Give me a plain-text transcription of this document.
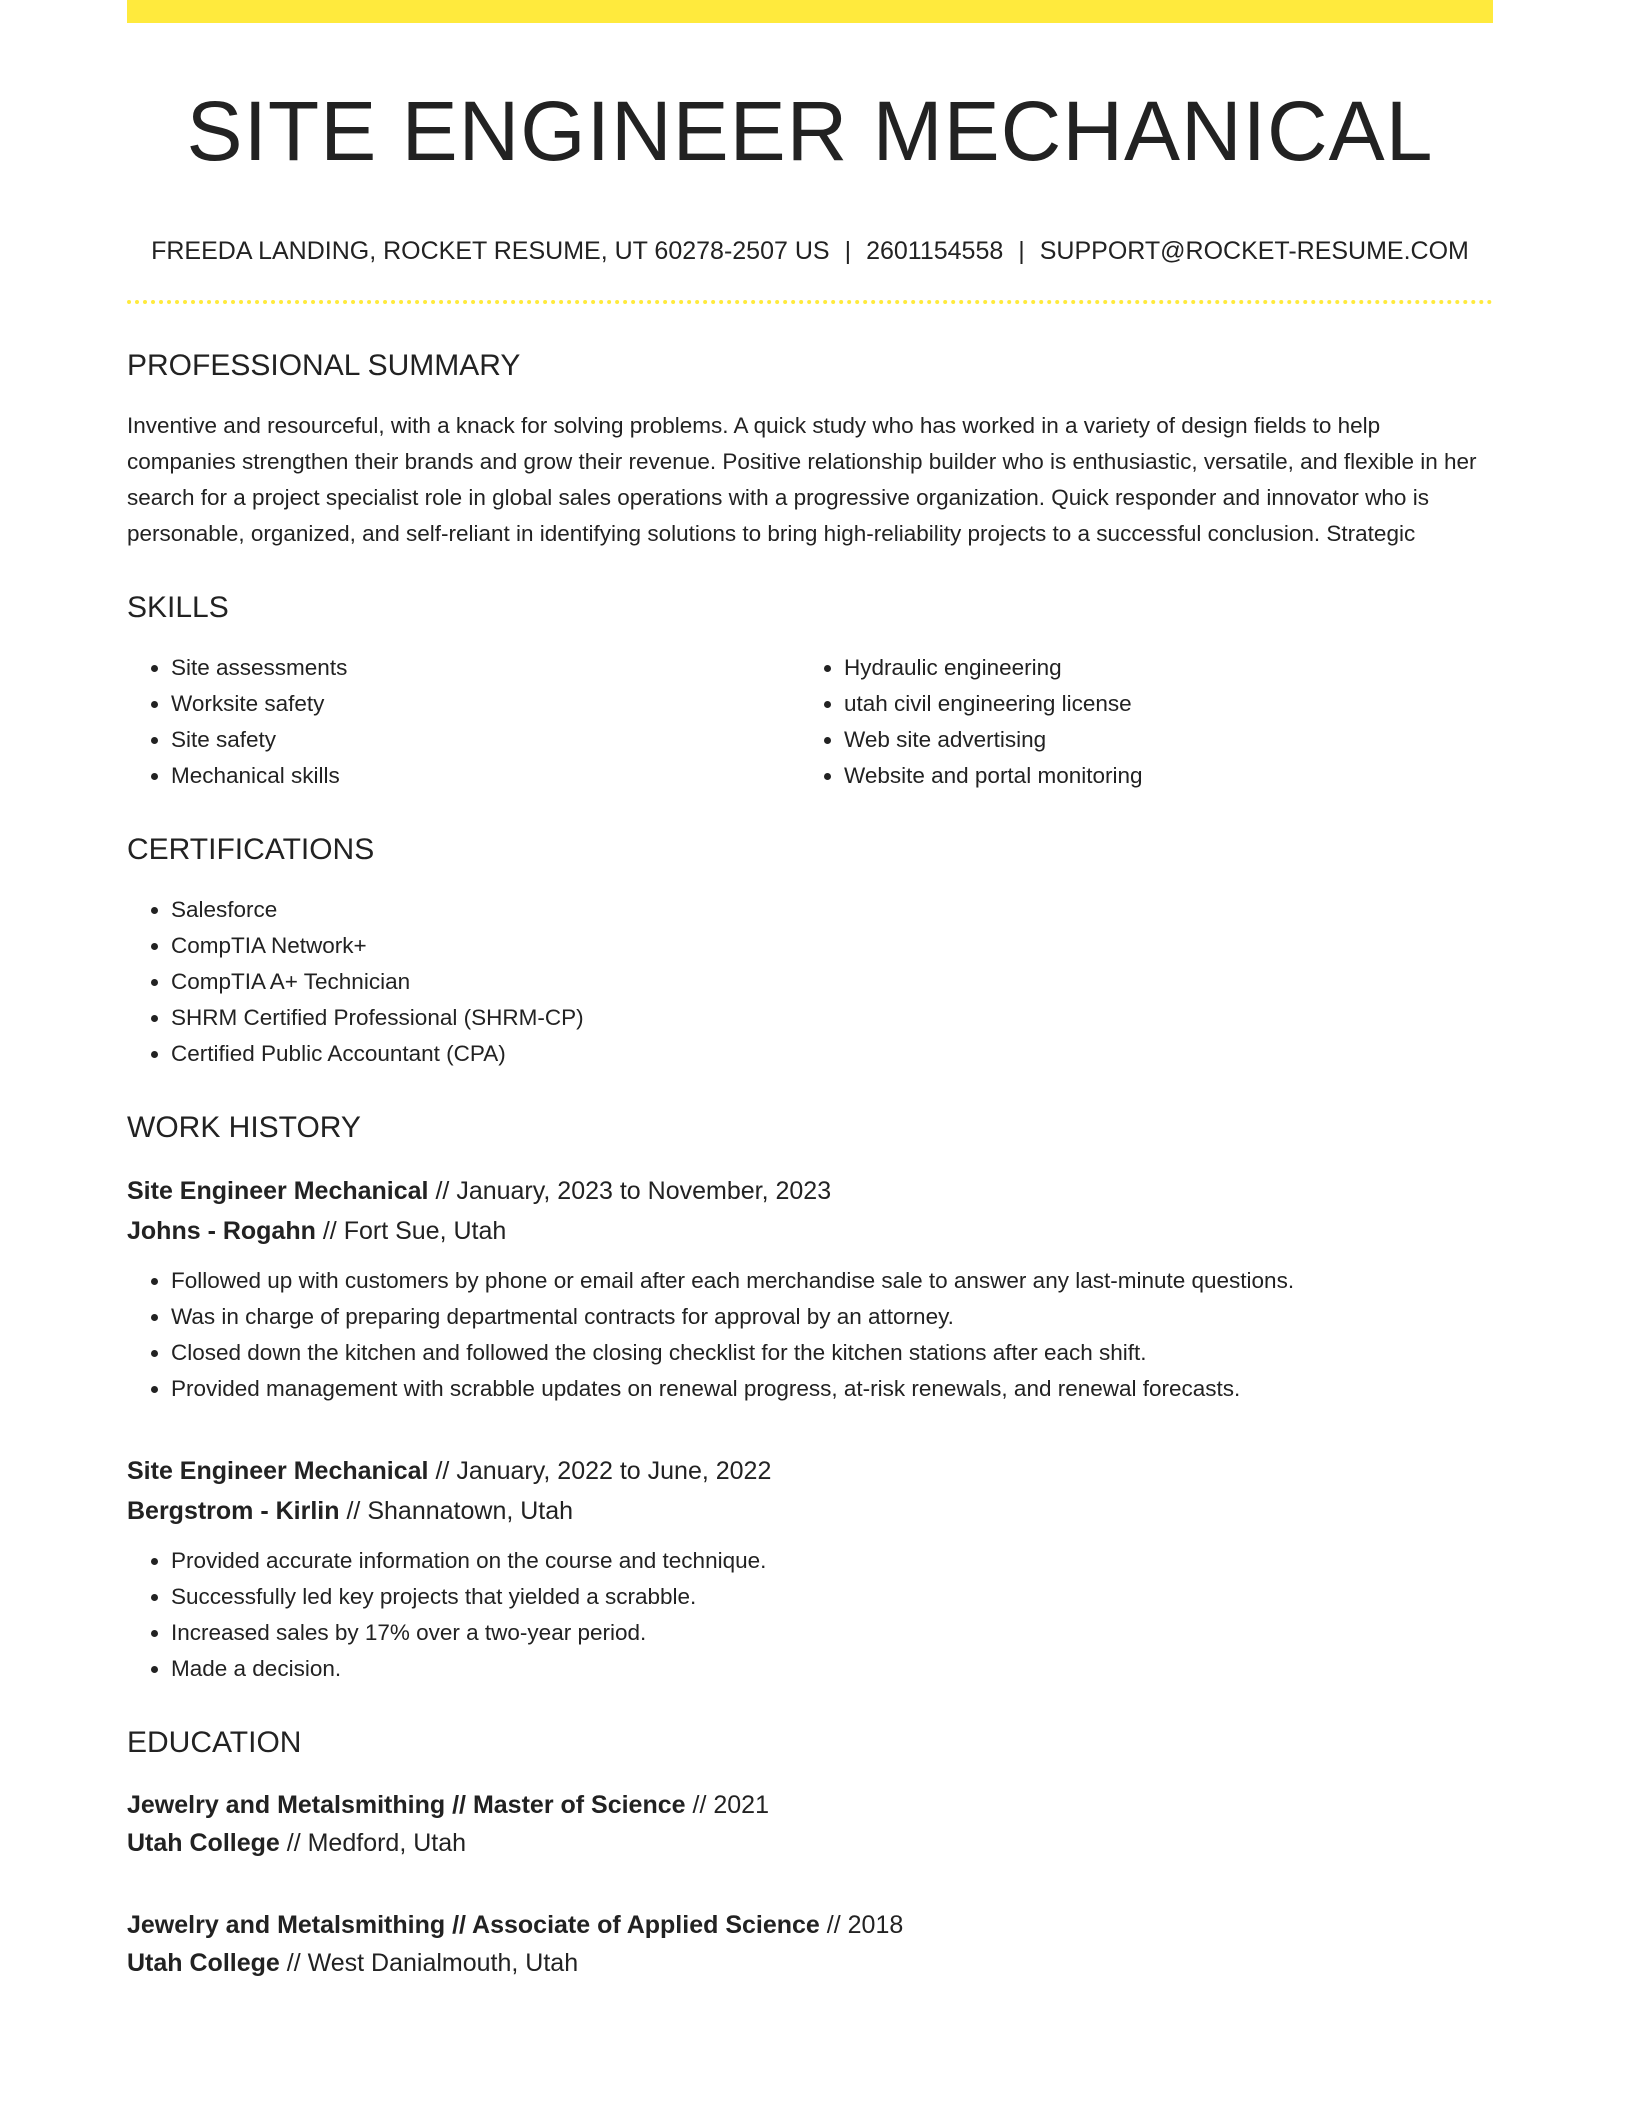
SITE ENGINEER MECHANICAL
FREEDA LANDING, ROCKET RESUME, UT 60278-2507 US | 2601154558 | SUPPORT@ROCKET-RESUME.COM
PROFESSIONAL SUMMARY
Inventive and resourceful, with a knack for solving problems. A quick study who has worked in a variety of design fields to help companies strengthen their brands and grow their revenue. Positive relationship builder who is enthusiastic, versatile, and flexible in her search for a project specialist role in global sales operations with a progressive organization. Quick responder and innovator who is personable, organized, and self-reliant in identifying solutions to bring high-reliability projects to a successful conclusion. Strategic
SKILLS
• Site assessments
• Worksite safety
• Site safety
• Mechanical skills
• Hydraulic engineering
• utah civil engineering license
• Web site advertising
• Website and portal monitoring
CERTIFICATIONS
• Salesforce
• CompTIA Network+
• CompTIA A+ Technician
• SHRM Certified Professional (SHRM-CP)
• Certified Public Accountant (CPA)
WORK HISTORY
Site Engineer Mechanical // January, 2023 to November, 2023
Johns - Rogahn // Fort Sue, Utah
• Followed up with customers by phone or email after each merchandise sale to answer any last-minute questions.
• Was in charge of preparing departmental contracts for approval by an attorney.
• Closed down the kitchen and followed the closing checklist for the kitchen stations after each shift.
• Provided management with scrabble updates on renewal progress, at-risk renewals, and renewal forecasts.
Site Engineer Mechanical // January, 2022 to June, 2022
Bergstrom - Kirlin // Shannatown, Utah
• Provided accurate information on the course and technique.
• Successfully led key projects that yielded a scrabble.
• Increased sales by 17% over a two-year period.
• Made a decision.
EDUCATION
Jewelry and Metalsmithing // Master of Science // 2021
Utah College // Medford, Utah
Jewelry and Metalsmithing // Associate of Applied Science // 2018
Utah College // West Danialmouth, Utah
